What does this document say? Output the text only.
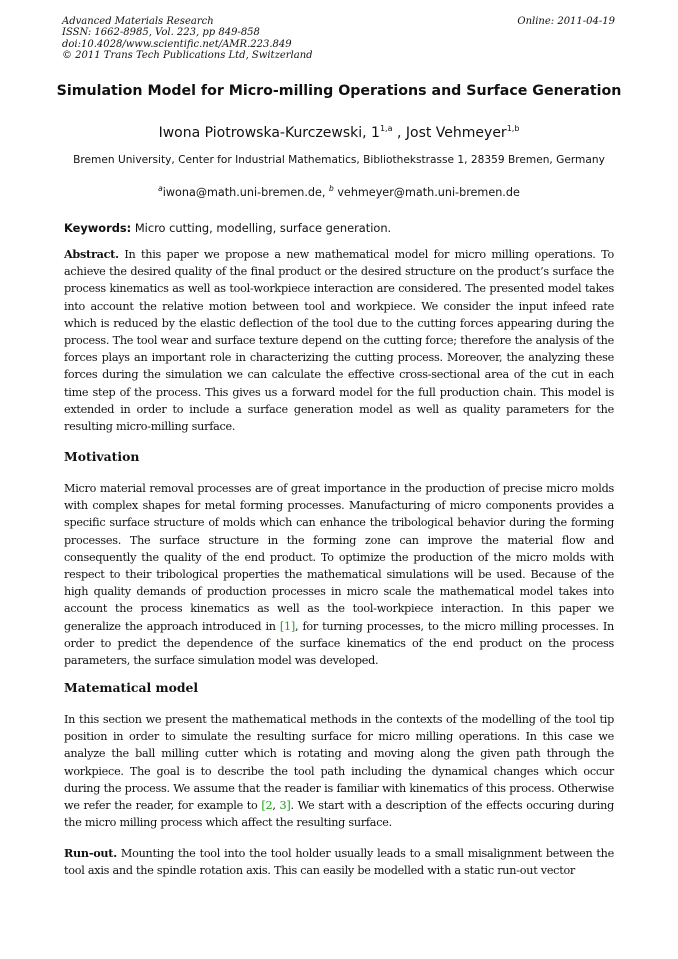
Advanced Materials Research
ISSN: 1662-8985, Vol. 223, pp 849-858
doi:10.4028/www.scientific.net/AMR.223.849
© 2011 Trans Tech Publications Ltd, Switzerland
Online: 2011-04-19
Simulation Model for Micro-milling Operations and Surface Generation
Iwona Piotrowska-Kurczewski, 1$^{1,a}$ , Jost Vehmeyer$^{1,b}$
Bremen University, Center for Industrial Mathematics, Bibliothekstrasse 1, 28359 Bremen, Germany
$^a$iwona@math.uni-bremen.de, $^b$ vehmeyer@math.uni-bremen.de
Keywords: Micro cutting, modelling, surface generation.
Abstract. In this paper we propose a new mathematical model for micro milling operations. To achieve the desired quality of the final product or the desired structure on the product’s surface the process kinematics as well as tool-workpiece interaction are considered. The presented model takes into account the relative motion between tool and workpiece. We consider the input infeed rate which is reduced by the elastic deflection of the tool due to the cutting forces appearing during the process. The tool wear and surface texture depend on the cutting force; therefore the analysis of the forces plays an important role in characterizing the cutting process. Moreover, the analyzing these forces during the simulation we can calculate the effective cross-sectional area of the cut in each time step of the process. This gives us a forward model for the full production chain. This model is extended in order to include a surface generation model as well as quality parameters for the resulting micro-milling surface.
Motivation
Micro material removal processes are of great importance in the production of precise micro molds with complex shapes for metal forming processes. Manufacturing of micro components provides a specific surface structure of molds which can enhance the tribological behavior during the forming processes. The surface structure in the forming zone can improve the material flow and consequently the quality of the end product. To optimize the production of the micro molds with respect to their tribological properties the mathematical simulations will be used. Because of the high quality demands of production processes in micro scale the mathematical model takes into account the process kinematics as well as the tool-workpiece interaction. In this paper we generalize the approach introduced in [1], for turning processes, to the micro milling processes. In order to predict the dependence of the surface kinematics of the end product on the process parameters, the surface simulation model was developed.
Matematical model
In this section we present the mathematical methods in the contexts of the modelling of the tool tip position in order to simulate the resulting surface for micro milling operations. In this case we analyze the ball milling cutter which is rotating and moving along the given path through the workpiece. The goal is to describe the tool path including the dynamical changes which occur during the process. We assume that the reader is familiar with kinematics of this process. Otherwise we refer the reader, for example to [2, 3]. We start with a description of the effects occuring during the micro milling process which affect the resulting surface.
Run-out. Mounting the tool into the tool holder usually leads to a small misalignment between the tool axis and the spindle rotation axis. This can easily be modelled with a static run-out vector
